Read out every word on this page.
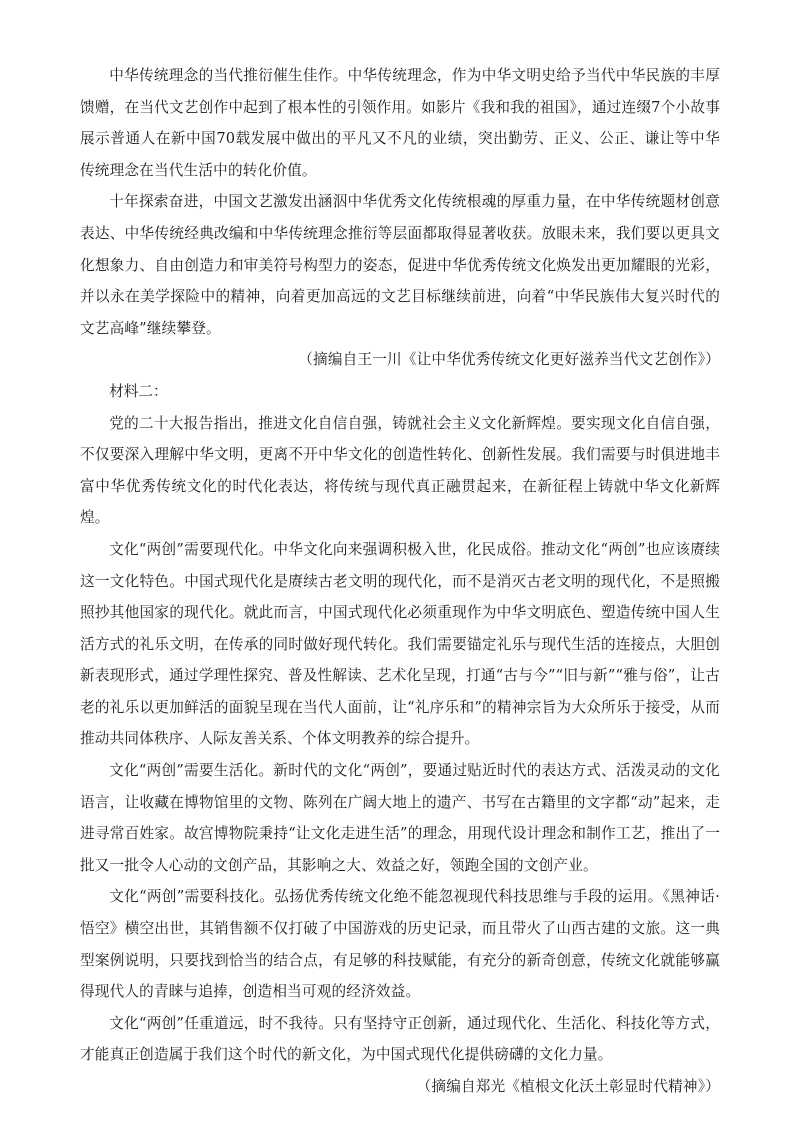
中华传统理念的当代推衍催生佳作。中华传统理念，作为中华文明史给予当代中华民族的丰厚馈赠，在当代文艺创作中起到了根本性的引领作用。如影片《我和我的祖国》，通过连缀7个小故事展示普通人在新中国70载发展中做出的平凡又不凡的业绩，突出勤劳、正义、公正、谦让等中华传统理念在当代生活中的转化价值。

十年探索奋进，中国文艺激发出涵泅中华优秀文化传统根魂的厚重力量，在中华传统题材创意表达、中华传统经典改编和中华传统理念推衍等层面都取得显著收获。放眼未来，我们要以更具文化想象力、自由创造力和审美符号构型力的姿态，促进中华优秀传统文化焕发出更加耀眼的光彩，并以永在美学探险中的精神，向着更加高远的文艺目标继续前进，向着“中华民族伟大复兴时代的文艺高峰”继续攀登。

（摘编自王一川《让中华优秀传统文化更好滋养当代文艺创作》）

材料二：

党的二十大报告指出，推进文化自信自强，铸就社会主义文化新辉煌。要实现文化自信自强，不仅要深入理解中华文明，更离不开中华文化的创造性转化、创新性发展。我们需要与时俱进地丰富中华优秀传统文化的时代化表达，将传统与现代真正融贯起来，在新征程上铸就中华文化新辉煌。

文化“两创”需要现代化。中华文化向来强调积极入世，化民成俗。推动文化“两创”也应该赓续这一文化特色。中国式现代化是赓续古老文明的现代化，而不是消灭古老文明的现代化，不是照搬照抄其他国家的现代化。就此而言，中国式现代化必须重现作为中华文明底色、塑造传统中国人生活方式的礼乐文明，在传承的同时做好现代转化。我们需要锚定礼乐与现代生活的连接点，大胆创新表现形式，通过学理性探究、普及性解读、艺术化呈现，打通“古与今”“旧与新”“雅与俗”，让古老的礼乐以更加鲜活的面貌呈现在当代人面前，让“礼序乐和”的精神宗旨为大众所乐于接受，从而推动共同体秩序、人际友善关系、个体文明教养的综合提升。

文化“两创”需要生活化。新时代的文化“两创”，要通过贴近时代的表达方式、活泼灵动的文化语言，让收藏在博物馆里的文物、陈列在广阔大地上的遗产、书写在古籍里的文字都“动”起来，走进寻常百姓家。故宫博物院秉持“让文化走进生活”的理念，用现代设计理念和制作工艺，推出了一批又一批令人心动的文创产品，其影响之大、效益之好，领跑全国的文创产业。

文化“两创”需要科技化。弘扬优秀传统文化绝不能忽视现代科技思维与手段的运用。《黑神话·悟空》横空出世，其销售额不仅打破了中国游戏的历史记录，而且带火了山西古建的文旅。这一典型案例说明，只要找到恰当的结合点，有足够的科技赋能，有充分的新奇创意，传统文化就能够赢得现代人的青睐与追捧，创造相当可观的经济效益。

文化“两创”任重道远，时不我待。只有坚持守正创新，通过现代化、生活化、科技化等方式，才能真正创造属于我们这个时代的新文化，为中国式现代化提供磅礴的文化力量。

（摘编自郑光《植根文化沃土彰显时代精神》）
